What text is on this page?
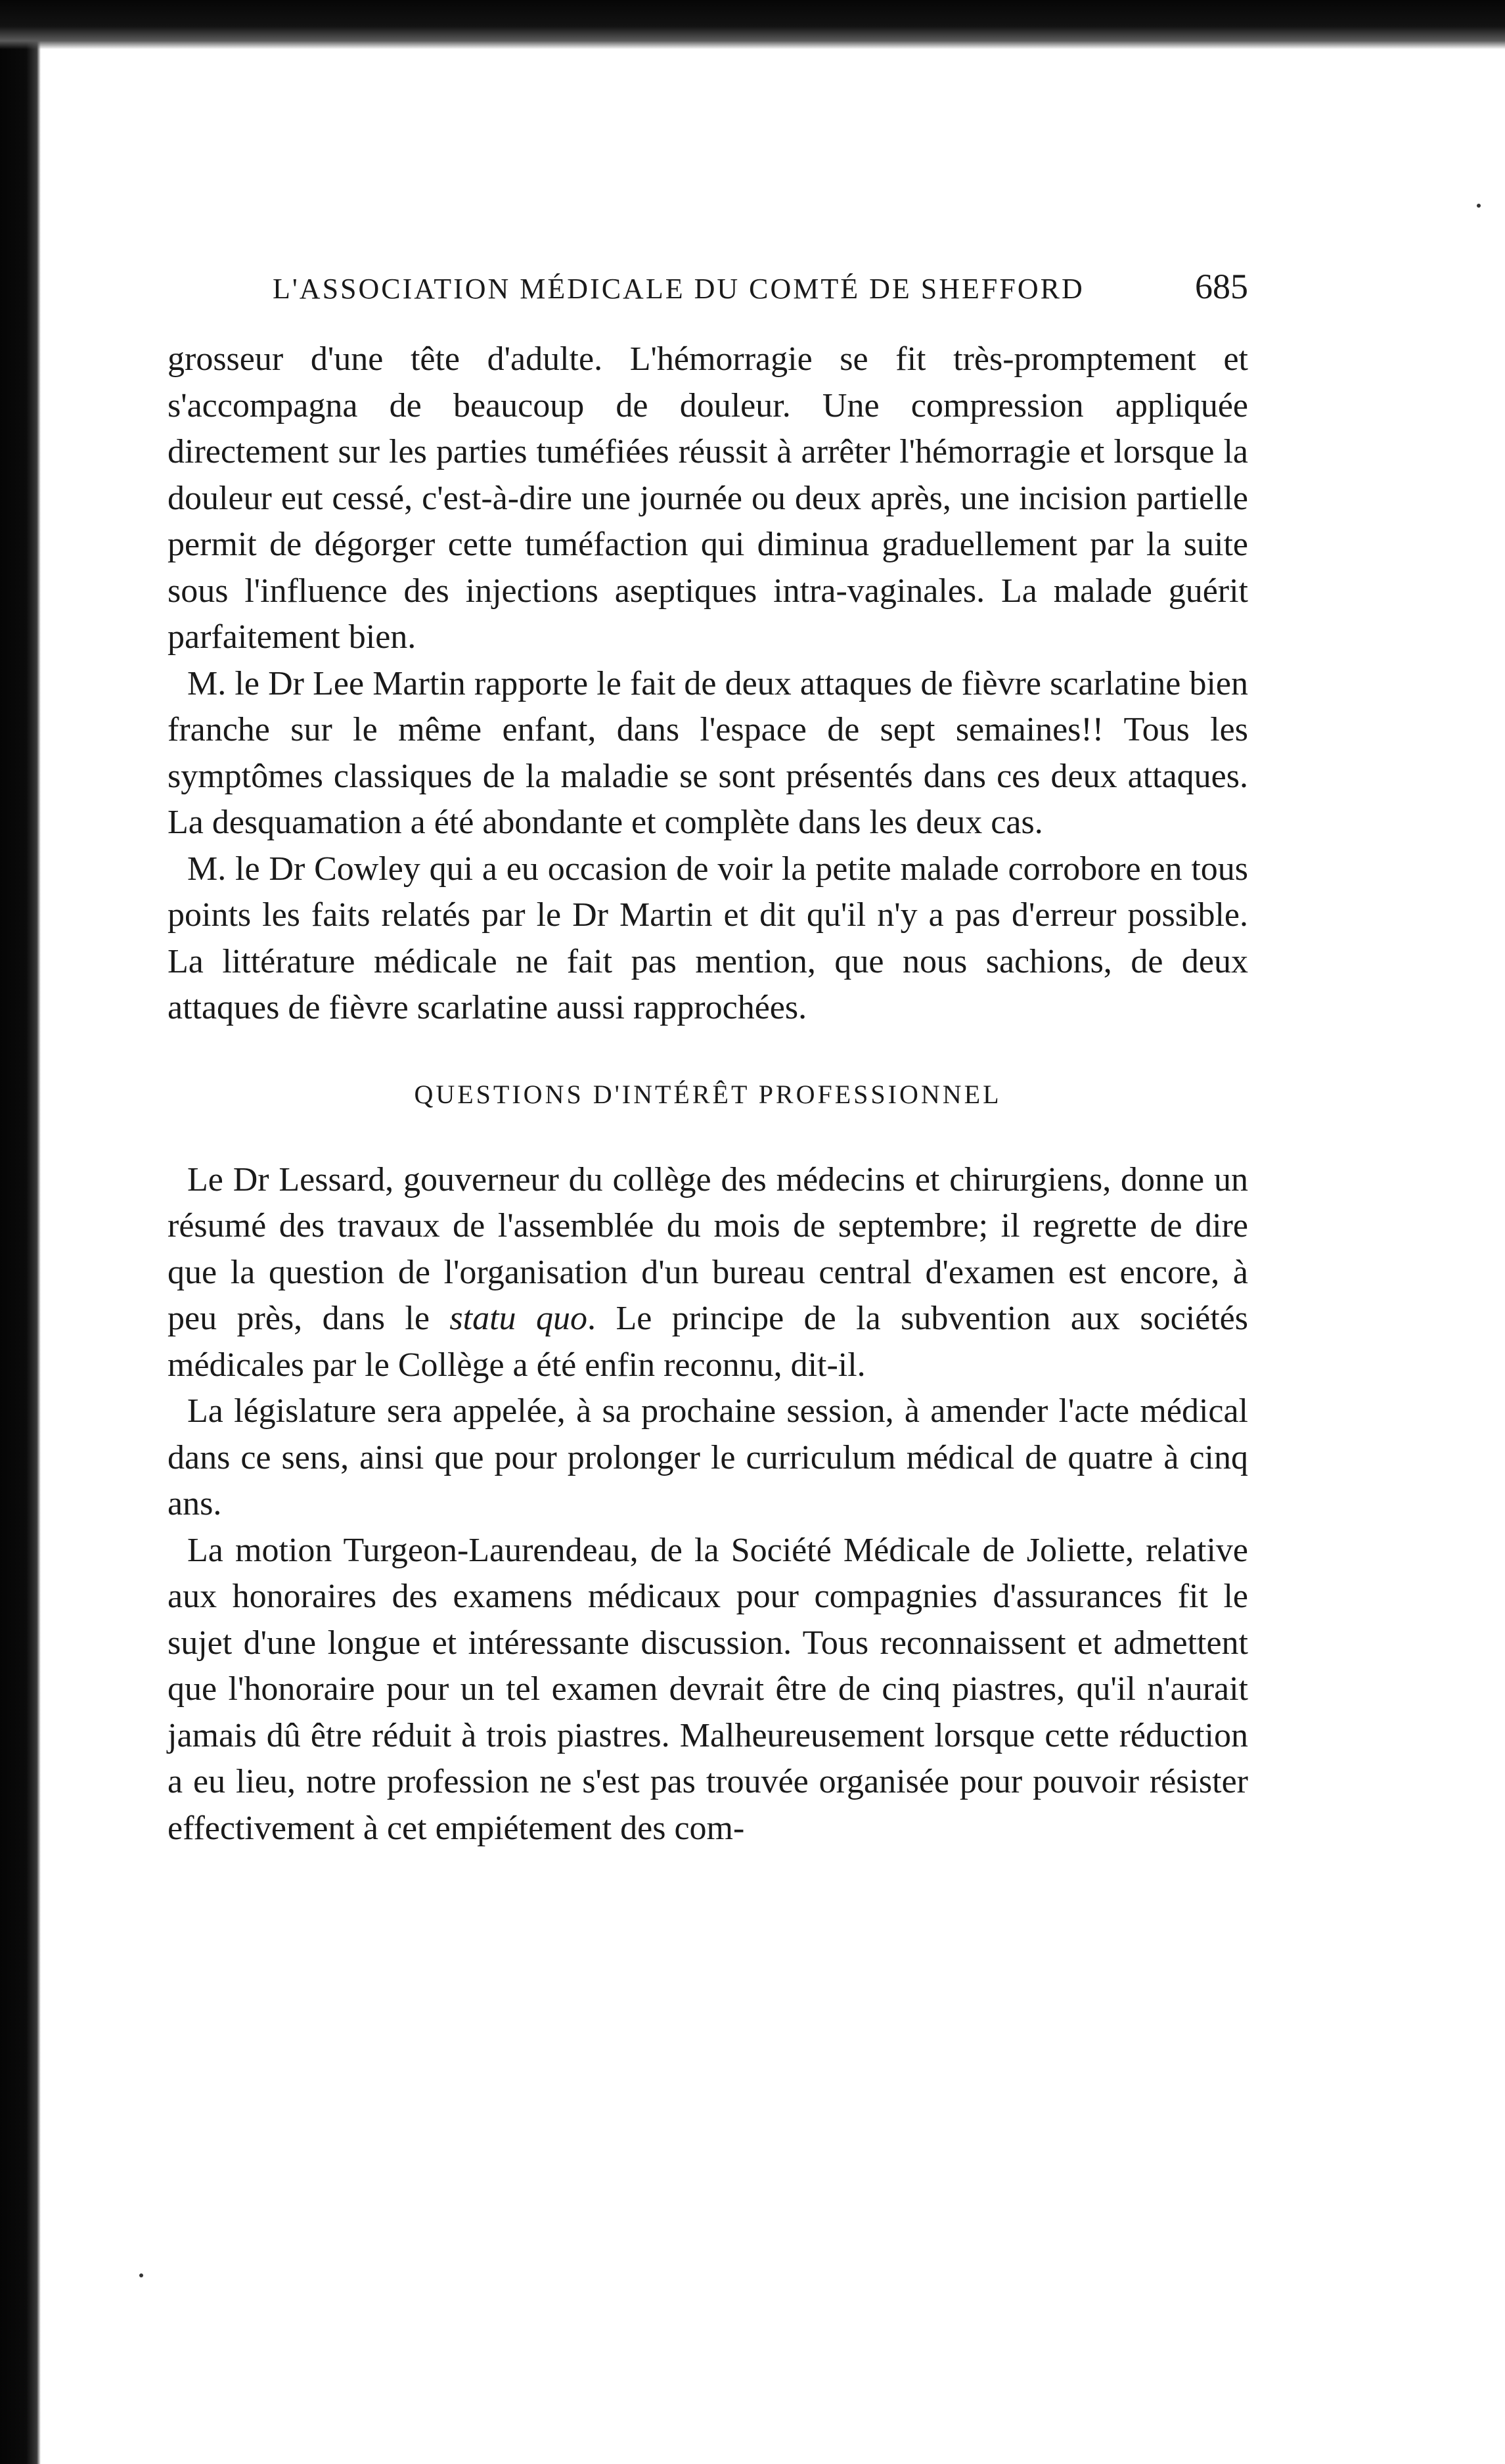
L'ASSOCIATION MÉDICALE DU COMTÉ DE SHEFFORD	685

grosseur d'une tête d'adulte. L'hémorragie se fit très-promptement et s'accompagna de beaucoup de douleur. Une compression appliquée directement sur les parties tuméfiées réussit à arrêter l'hémorragie et lorsque la douleur eut cessé, c'est-à-dire une journée ou deux après, une incision partielle permit de dégorger cette tuméfaction qui diminua graduellement par la suite sous l'influence des injections aseptiques intra-vaginales. La malade guérit parfaitement bien.

M. le Dr Lee Martin rapporte le fait de deux attaques de fièvre scarlatine bien franche sur le même enfant, dans l'espace de sept semaines!! Tous les symptômes classiques de la maladie se sont présentés dans ces deux attaques. La desquamation a été abondante et complète dans les deux cas.

M. le Dr Cowley qui a eu occasion de voir la petite malade corrobore en tous points les faits relatés par le Dr Martin et dit qu'il n'y a pas d'erreur possible. La littérature médicale ne fait pas mention, que nous sachions, de deux attaques de fièvre scarlatine aussi rapprochées.

QUESTIONS D'INTÉRÊT PROFESSIONNEL

Le Dr Lessard, gouverneur du collège des médecins et chirurgiens, donne un résumé des travaux de l'assemblée du mois de septembre; il regrette de dire que la question de l'organisation d'un bureau central d'examen est encore, à peu près, dans le statu quo. Le principe de la subvention aux sociétés médicales par le Collège a été enfin reconnu, dit-il.

La législature sera appelée, à sa prochaine session, à amender l'acte médical dans ce sens, ainsi que pour prolonger le curriculum médical de quatre à cinq ans.

La motion Turgeon-Laurendeau, de la Société Médicale de Joliette, relative aux honoraires des examens médicaux pour compagnies d'assurances fit le sujet d'une longue et intéressante discussion. Tous reconnaissent et admettent que l'honoraire pour un tel examen devrait être de cinq piastres, qu'il n'aurait jamais dû être réduit à trois piastres. Malheureusement lorsque cette réduction a eu lieu, notre profession ne s'est pas trouvée organisée pour pouvoir résister effectivement à cet empiétement des com-
